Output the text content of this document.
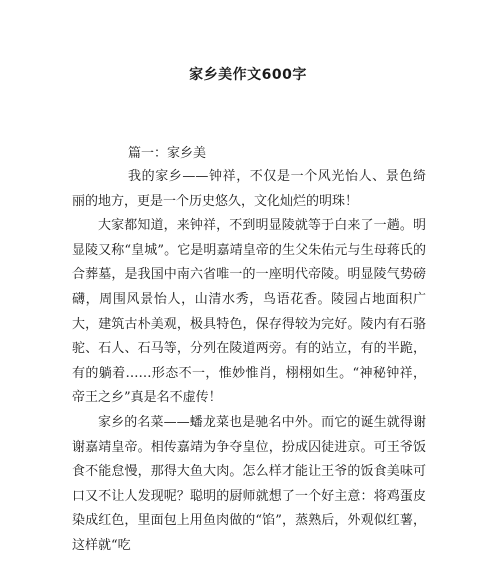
家乡美作文600字
篇一：家乡美

我的家乡——钟祥，不仅是一个风光怡人、景色绮丽的地方，更是一个历史悠久，文化灿烂的明珠！

大家都知道，来钟祥，不到明显陵就等于白来了一趟。明显陵又称“皇城”。它是明嘉靖皇帝的生父朱佑元与生母蒋氏的合葬墓，是我国中南六省唯一的一座明代帝陵。明显陵气势磅礴，周围风景怡人，山清水秀，鸟语花香。陵园占地面积广大，建筑古朴美观，极具特色，保存得较为完好。陵内有石骆驼、石人、石马等，分列在陵道两旁。有的站立，有的半跪，有的躺着……形态不一，惟妙惟肖，栩栩如生。“神秘钟祥，帝王之乡”真是名不虚传！

家乡的名菜——蟠龙菜也是驰名中外。而它的诞生就得谢谢嘉靖皇帝。相传嘉靖为争夺皇位，扮成囚徒进京。可王爷饭食不能怠慢，那得大鱼大肉。怎么样才能让王爷的饭食美味可口又不让人发现呢？聪明的厨师就想了一个好主意：将鸡蛋皮染成红色，里面包上用鱼肉做的“馅”，蒸熟后，外观似红薯，这样就“吃
